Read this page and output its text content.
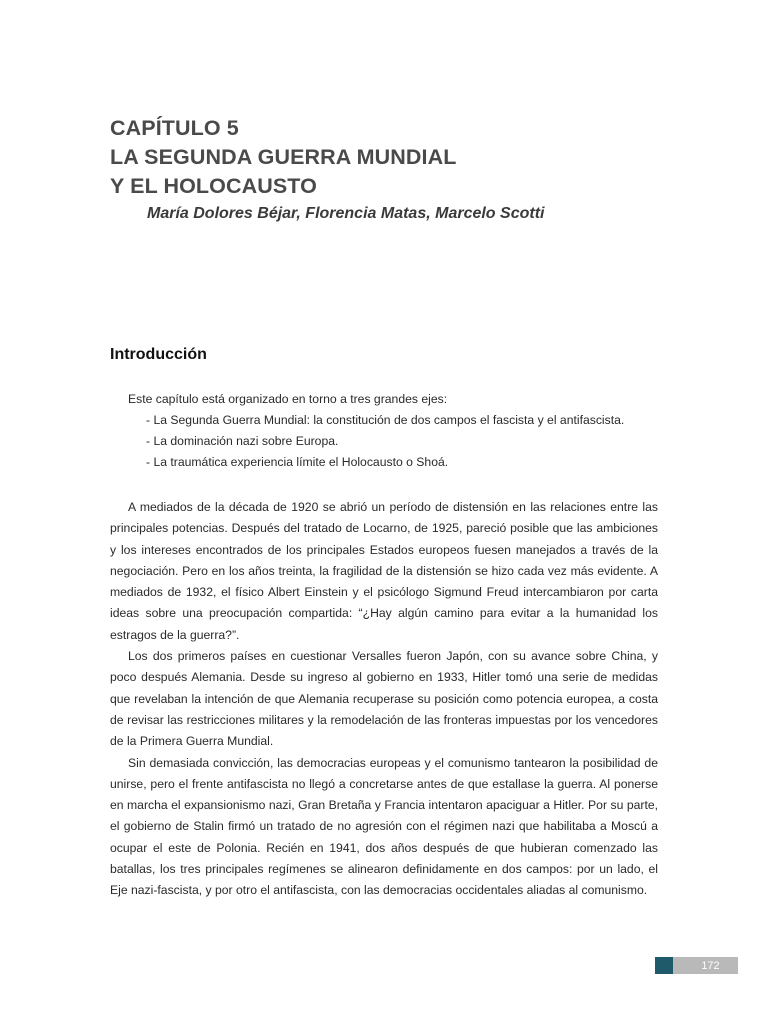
CAPÍTULO 5
LA SEGUNDA GUERRA MUNDIAL
Y EL HOLOCAUSTO
María Dolores Béjar, Florencia Matas, Marcelo Scotti
Introducción
Este capítulo está organizado en torno a tres grandes ejes:
- La Segunda Guerra Mundial: la constitución de dos campos el fascista y el antifascista.
- La dominación nazi sobre Europa.
- La traumática experiencia límite el Holocausto o Shoá.

A mediados de la década de 1920 se abrió un período de distensión en las relaciones entre las principales potencias. Después del tratado de Locarno, de 1925, pareció posible que las ambiciones y los intereses encontrados de los principales Estados europeos fuesen manejados a través de la negociación. Pero en los años treinta, la fragilidad de la distensión se hizo cada vez más evidente. A mediados de 1932, el físico Albert Einstein y el psicólogo Sigmund Freud intercambiaron por carta ideas sobre una preocupación compartida: “¿Hay algún camino para evitar a la humanidad los estragos de la guerra?”.

Los dos primeros países en cuestionar Versalles fueron Japón, con su avance sobre China, y poco después Alemania. Desde su ingreso al gobierno en 1933, Hitler tomó una serie de medidas que revelaban la intención de que Alemania recuperase su posición como potencia europea, a costa de revisar las restricciones militares y la remodelación de las fronteras impuestas por los vencedores de la Primera Guerra Mundial.

Sin demasiada convicción, las democracias europeas y el comunismo tantearon la posibilidad de unirse, pero el frente antifascista no llegó a concretarse antes de que estallase la guerra. Al ponerse en marcha el expansionismo nazi, Gran Bretaña y Francia intentaron apaciguar a Hitler. Por su parte, el gobierno de Stalin firmó un tratado de no agresión con el régimen nazi que habilitaba a Moscú a ocupar el este de Polonia. Recién en 1941, dos años después de que hubieran comenzado las batallas, los tres principales regímenes se alinearon definidamente en dos campos: por un lado, el Eje nazi-fascista, y por otro el antifascista, con las democracias occidentales aliadas al comunismo.

172
